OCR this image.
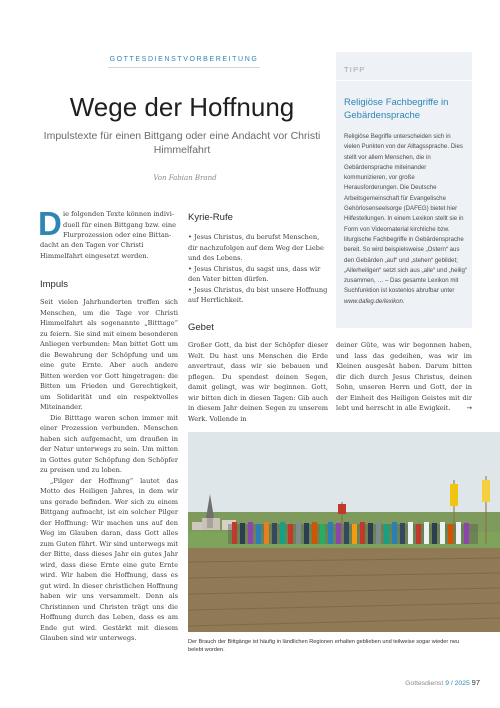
GOTTESDIENSTVORBEREITUNG
Wege der Hoffnung
Impulstexte für einen Bittgang oder eine Andacht vor Christi Himmelfahrt
Von Fabian Brand
D ie folgenden Texte können indivi-

duell für einen Bittgang bzw. eine

Flurprozession oder eine Bittan-

dacht an den Tagen vor Christi Himmelfahrt eingesetzt werden.
Impuls

Seit vielen Jahrhunderten treffen sich Menschen, um die Tage vor Christi Himmelfahrt als sogenannte „Bitttage“ zu feiern. Sie sind mit einem besonderen Anliegen verbunden: Man bittet Gott um die Bewahrung der Schöpfung und um eine gute Ernte. Aber auch andere Bitten werden vor Gott hingetragen: die Bitten um Frieden und Gerechtigkeit, um Solidarität und ein respektvolles Miteinander.

Die Bitttage waren schon immer mit einer Prozession verbunden. Menschen haben sich aufgemacht, um draußen in der Natur unterwegs zu sein. Um mitten in Gottes guter Schöpfung den Schöpfer zu preisen und zu loben.

„Pilger der Hoffnung“ lautet das Motto des Heiligen Jahres, in dem wir uns gerade befinden. Wer sich zu einem Bittgang aufmacht, ist ein solcher Pilger der Hoffnung: Wir machen uns auf den Weg im Glauben daran, dass Gott alles zum Guten führt. Wir sind unterwegs mit der Bitte, dass dieses Jahr ein gutes Jahr wird, dass diese Ernte eine gute Ernte wird. Wir haben die Hoffnung, dass es gut wird. In dieser christlichen Hoffnung haben wir uns versammelt. Denn als Christinnen und Christen trägt uns die Hoffnung durch das Leben, dass es am Ende gut wird. Gestärkt mit diesem Glauben sind wir unterwegs.

Kyrie-Rufe

• Jesus Christus, du berufst Menschen, dir nachzufolgen auf dem Weg der Liebe und des Lebens.

• Jesus Christus, du sagst uns, dass wir den Vater bitten dürfen.

• Jesus Christus, du bist unsere Hoffnung auf Herrlichkeit.

Gebet
Großer Gott, da bist der Schöpfer dieser Welt. Du hast uns Menschen die Erde anvertraut, dass wir sie bebauen und pflegen. Du spendest deinen Segen, damit gelingt, was wir beginnen. Gott, wir bitten dich in diesen Tagen: Gib auch in diesem Jahr deinen Segen zu unserem Werk. Vollende in
TIPP
Religiöse Fachbegriffe in Gebärdensprache
Religiöse Begriffe unterscheiden sich in vielen Punkten von der Alltagssprache. Dies stellt vor allem Menschen, die in Gebärdensprache miteinander kommunizieren, vor große Herausforderungen. Die Deutsche Arbeitsgemeinschaft für Evangelische Gehörlosenseelsorge (DAFEG) bietet hier Hilfestellungen. In einem Lexikon stellt sie in Form von Videomaterial kirchliche bzw. liturgische Fachbegriffe in Gebärdensprache bereit. So wird beispielsweise „Ostern“ aus den Gebärden „auf“ und „stehen“ gebildet; „Allerheiligen“ setzt sich aus „alle“ und „heilig“ zusammen, … – Das gesamte Lexikon mit Suchfunktion ist kostenlos abrufbar unter www.dafeg.de/lexikon.
deiner Güte, was wir begonnen haben, und lass das gedeihen, was wir im Kleinen ausgesät haben. Darum bitten dir dich durch Jesus Christus, deinen Sohn, unseren Herrn und Gott, der in der Einheit des Heiligen Geistes mit dir lebt und herrscht in alle Ewigkeit. →
Der Brauch der Bittgänge ist häufig in ländlichen Regionen erhalten geblieben und teilweise sogar wieder neu belebt worden.
Gottesdienst 9 / 2025 97
